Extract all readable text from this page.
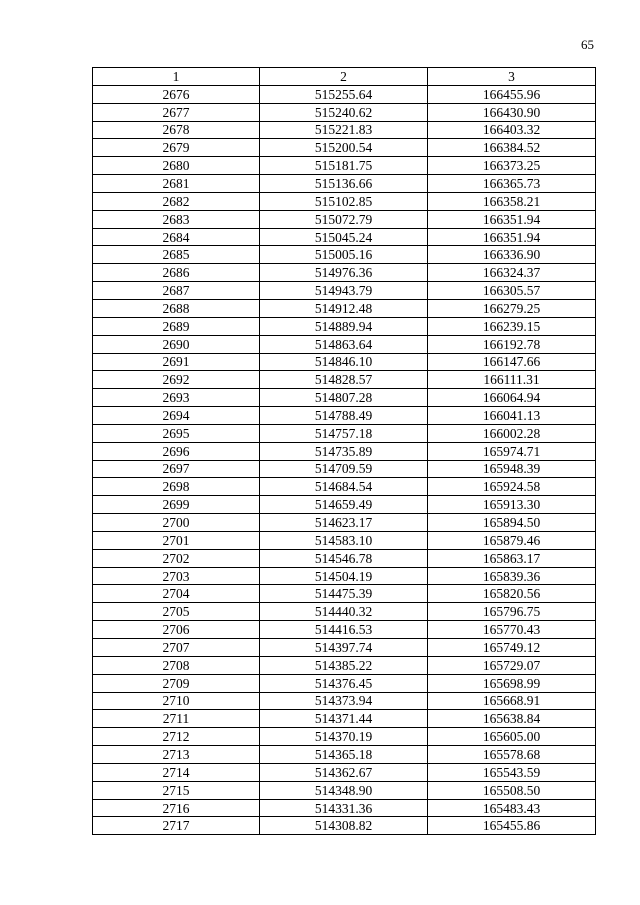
65
1	2	3
2676	515255.64	166455.96
2677	515240.62	166430.90
2678	515221.83	166403.32
2679	515200.54	166384.52
2680	515181.75	166373.25
2681	515136.66	166365.73
2682	515102.85	166358.21
2683	515072.79	166351.94
2684	515045.24	166351.94
2685	515005.16	166336.90
2686	514976.36	166324.37
2687	514943.79	166305.57
2688	514912.48	166279.25
2689	514889.94	166239.15
2690	514863.64	166192.78
2691	514846.10	166147.66
2692	514828.57	166111.31
2693	514807.28	166064.94
2694	514788.49	166041.13
2695	514757.18	166002.28
2696	514735.89	165974.71
2697	514709.59	165948.39
2698	514684.54	165924.58
2699	514659.49	165913.30
2700	514623.17	165894.50
2701	514583.10	165879.46
2702	514546.78	165863.17
2703	514504.19	165839.36
2704	514475.39	165820.56
2705	514440.32	165796.75
2706	514416.53	165770.43
2707	514397.74	165749.12
2708	514385.22	165729.07
2709	514376.45	165698.99
2710	514373.94	165668.91
2711	514371.44	165638.84
2712	514370.19	165605.00
2713	514365.18	165578.68
2714	514362.67	165543.59
2715	514348.90	165508.50
2716	514331.36	165483.43
2717	514308.82	165455.86
